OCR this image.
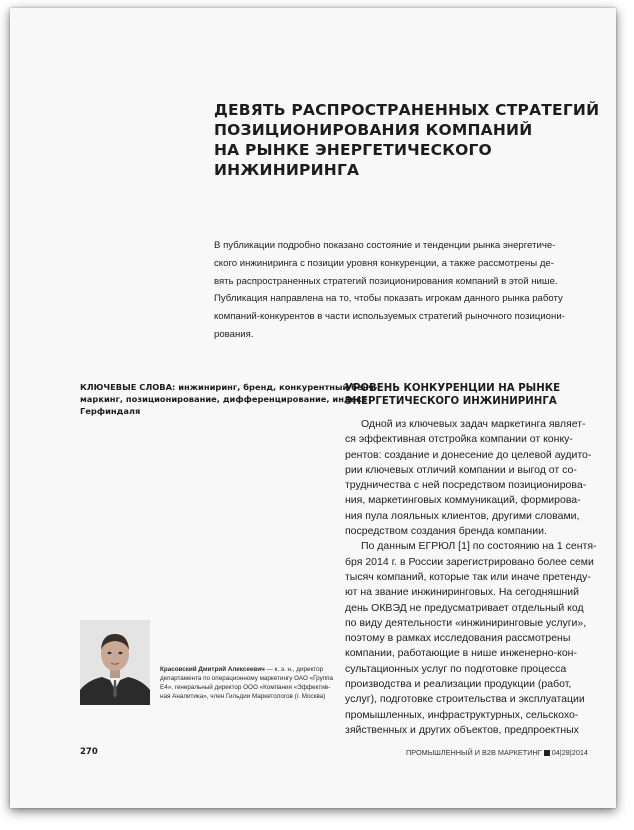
ДЕВЯТЬ РАСПРОСТРАНЕННЫХ СТРАТЕГИЙ
ПОЗИЦИОНИРОВАНИЯ КОМПАНИЙ
НА РЫНКЕ ЭНЕРГЕТИЧЕСКОГО
ИНЖИНИРИНГА

В публикации подробно показано состояние и тенденции рынка энергетиче-
ского инжиниринга с позиции уровня конкуренции, а также рассмотрены де-
вять распространенных стратегий позиционирования компаний в этой нише.
Публикация направлена на то, чтобы показать игрокам данного рынка работу
компаний-конкурентов в части используемых стратегий рыночного позициони-
рования.

КЛЮЧЕВЫЕ СЛОВА: инжиниринг, бренд, конкурентный бенч-
маркинг, позиционирование, дифференцирование, индекс
Герфиндаля

УРОВЕНЬ КОНКУРЕНЦИИ НА РЫНКЕ
ЭНЕРГЕТИЧЕСКОГО ИНЖИНИРИНГА
Одной из ключевых задач маркетинга являет-
ся эффективная отстройка компании от конку-
рентов: создание и донесение до целевой аудито-
рии ключевых отличий компании и выгод от со-
трудничества с ней посредством позиционирова-
ния, маркетинговых коммуникаций, формирова-
ния пула лояльных клиентов, другими словами,
посредством создания бренда компании.
По данным ЕГРЮЛ [1] по состоянию на 1 сентя-
бря 2014 г. в России зарегистрировано более семи
тысяч компаний, которые так или иначе претенду-
ют на звание инжиниринговых. На сегодняшний
день ОКВЭД не предусматривает отдельный код
по виду деятельности «инжиниринговые услуги»,
поэтому в рамках исследования рассмотрены
компании, работающие в нише инженерно-кон-
сультационных услуг по подготовке процесса
производства и реализации продукции (работ,
услуг), подготовке строительства и эксплуатации
промышленных, инфраструктурных, сельскохо-
зяйственных и других объектов, предпроектных
Красовский Дмитрий Алексеевич — к. э. н., директор
департамента по операционному маркетингу ОАО «Группа
Е4», генеральный директор ООО «Компания «Эффектив-
ная Аналитика», член Гильдии Маркетологов (г. Москва)
270	ПРОМЫШЛЕННЫЙ И B2B МАРКЕТИНГ 04|28|2014
